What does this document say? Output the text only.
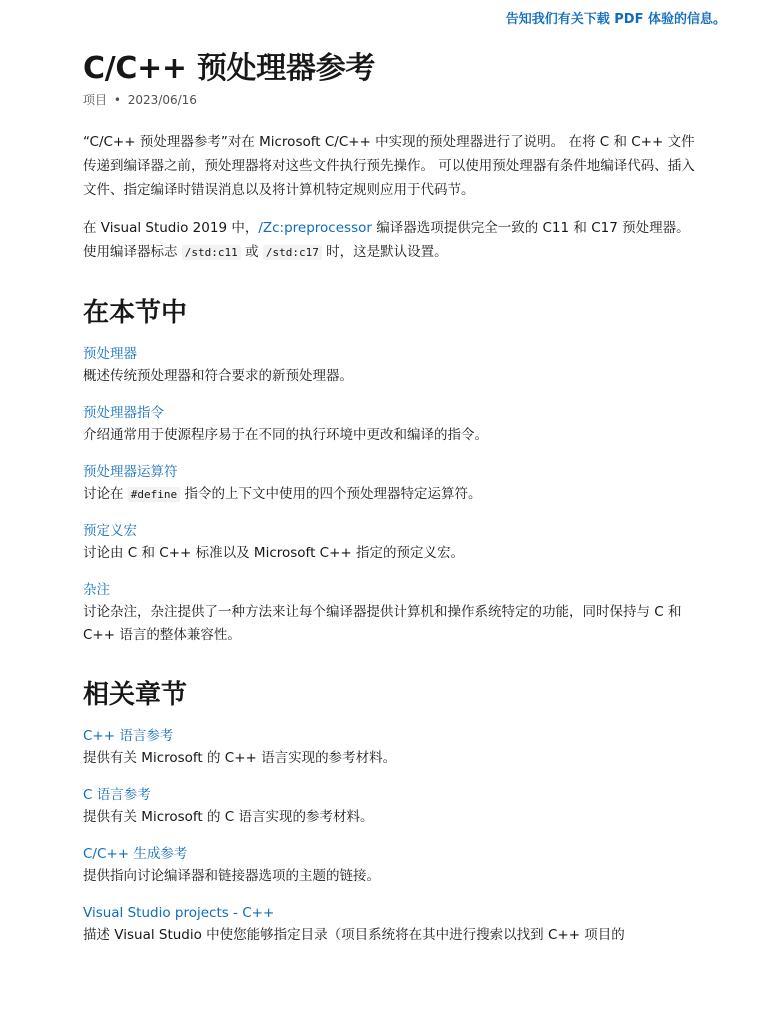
告知我们有关下载 PDF 体验的信息。
C/C++ 预处理器参考
项目 • 2023/06/16

“C/C++ 预处理器参考”对在 Microsoft C/C++ 中实现的预处理器进行了说明。 在将 C 和 C++ 文件传递到编译器之前，预处理器将对这些文件执行预先操作。 可以使用预处理器有条件地编译代码、插入文件、指定编译时错误消息以及将计算机特定规则应用于代码节。

在 Visual Studio 2019 中，/Zc:preprocessor 编译器选项提供完全一致的 C11 和 C17 预处理器。 使用编译器标志 /std:c11 或 /std:c17 时，这是默认设置。

在本节中
预处理器

概述传统预处理器和符合要求的新预处理器。

预处理器指令

介绍通常用于使源程序易于在不同的执行环境中更改和编译的指令。

预处理器运算符

讨论在 #define 指令的上下文中使用的四个预处理器特定运算符。

预定义宏

讨论由 C 和 C++ 标准以及 Microsoft C++ 指定的预定义宏。

杂注

讨论杂注，杂注提供了一种方法来让每个编译器提供计算机和操作系统特定的功能，同时保持与 C 和 C++ 语言的整体兼容性。

相关章节
C++ 语言参考

提供有关 Microsoft 的 C++ 语言实现的参考材料。

C 语言参考

提供有关 Microsoft 的 C 语言实现的参考材料。

C/C++ 生成参考

提供指向讨论编译器和链接器选项的主题的链接。

Visual Studio projects - C++

描述 Visual Studio 中使您能够指定目录（项目系统将在其中进行搜索以找到 C++ 项目的
